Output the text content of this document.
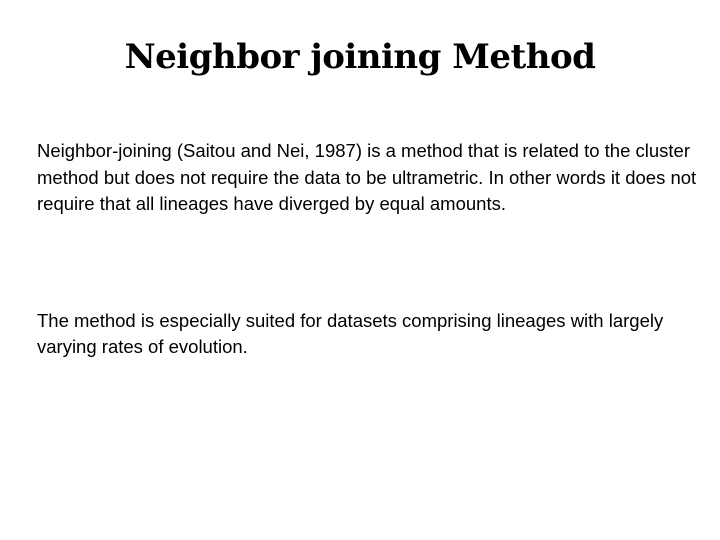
Neighbor joining Method

Neighbor-joining (Saitou and Nei, 1987) is a method that is related to the cluster method but does not require the data to be ultrametric. In other words it does not require that all lineages have diverged by equal amounts.

The method is especially suited for datasets comprising lineages with largely varying rates of evolution.
